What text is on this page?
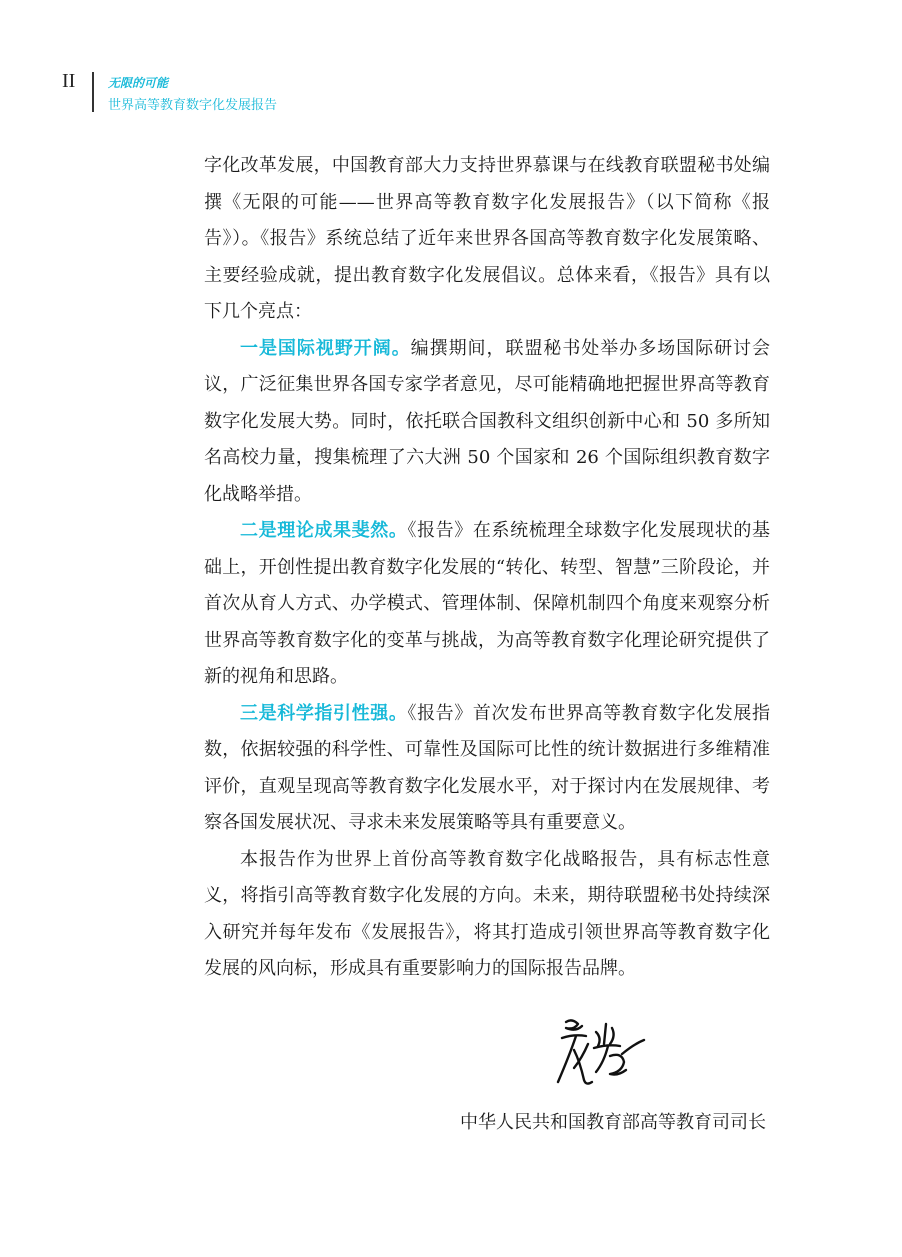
II	无限的可能
世界高等教育数字化发展报告

字化改革发展，中国教育部大力支持世界慕课与在线教育联盟秘书处编撰《无限的可能——世界高等教育数字化发展报告》（以下简称《报告》）。《报告》系统总结了近年来世界各国高等教育数字化发展策略、主要经验成就，提出教育数字化发展倡议。总体来看，《报告》具有以下几个亮点：

一是国际视野开阔。编撰期间，联盟秘书处举办多场国际研讨会议，广泛征集世界各国专家学者意见，尽可能精确地把握世界高等教育数字化发展大势。同时，依托联合国教科文组织创新中心和 50 多所知名高校力量，搜集梳理了六大洲 50 个国家和 26 个国际组织教育数字化战略举措。

二是理论成果斐然。《报告》在系统梳理全球数字化发展现状的基础上，开创性提出教育数字化发展的“转化、转型、智慧”三阶段论，并首次从育人方式、办学模式、管理体制、保障机制四个角度来观察分析世界高等教育数字化的变革与挑战，为高等教育数字化理论研究提供了新的视角和思路。

三是科学指引性强。《报告》首次发布世界高等教育数字化发展指数，依据较强的科学性、可靠性及国际可比性的统计数据进行多维精准评价，直观呈现高等教育数字化发展水平，对于探讨内在发展规律、考察各国发展状况、寻求未来发展策略等具有重要意义。

本报告作为世界上首份高等教育数字化战略报告，具有标志性意义，将指引高等教育数字化发展的方向。未来，期待联盟秘书处持续深入研究并每年发布《发展报告》，将其打造成引领世界高等教育数字化发展的风向标，形成具有重要影响力的国际报告品牌。

中华人民共和国教育部高等教育司司长
